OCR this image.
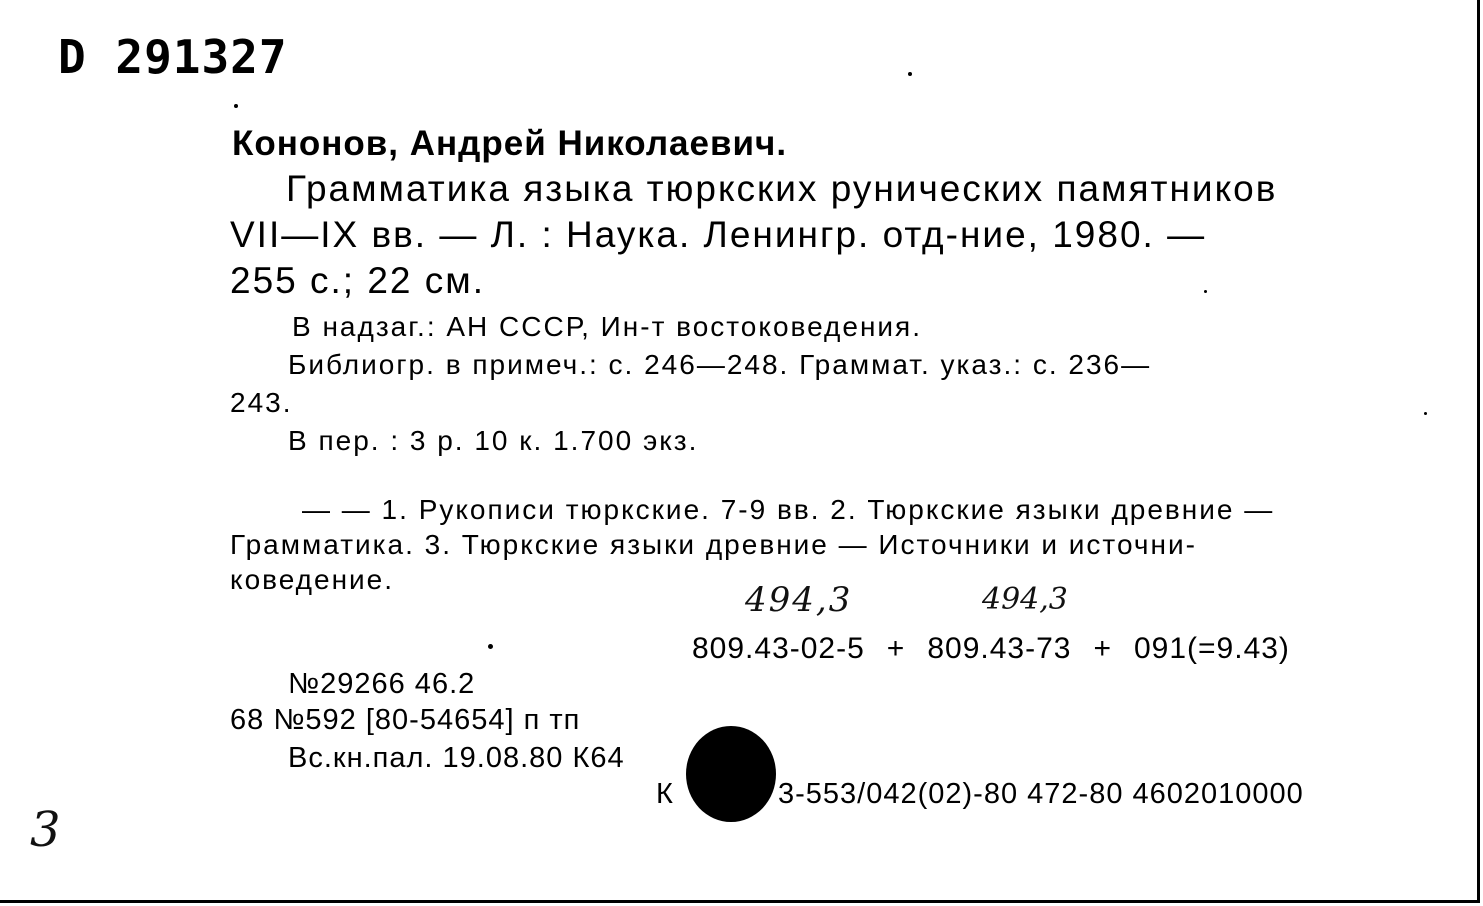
D 291327
Кононов, Андрей Николаевич.
Грамматика языка тюркских рунических памятников
VII—IX вв. — Л. : Наука. Ленингр. отд-ние, 1980. —
255 с.; 22 см.
В надзаг.: АН СССР, Ин-т востоковедения.
Библиогр. в примеч.: с. 246—248. Граммат. указ.: с. 236—
243.
В пер. : 3 р. 10 к. 1.700 экз.
— — 1. Рукописи тюркские. 7-9 вв. 2. Тюркские языки древние —
Грамматика. 3. Тюркские языки древние — Источники и источни-
коведение.
494,3	494,3
3
809.43-02-5 + 809.43-73 + 091(=9.43)
№29266 46.2
68 №592 [80-54654] п тп
Вс.кн.пал. 19.08.80 К64
К	3-553/042(02)-80 472-80 4602010000
